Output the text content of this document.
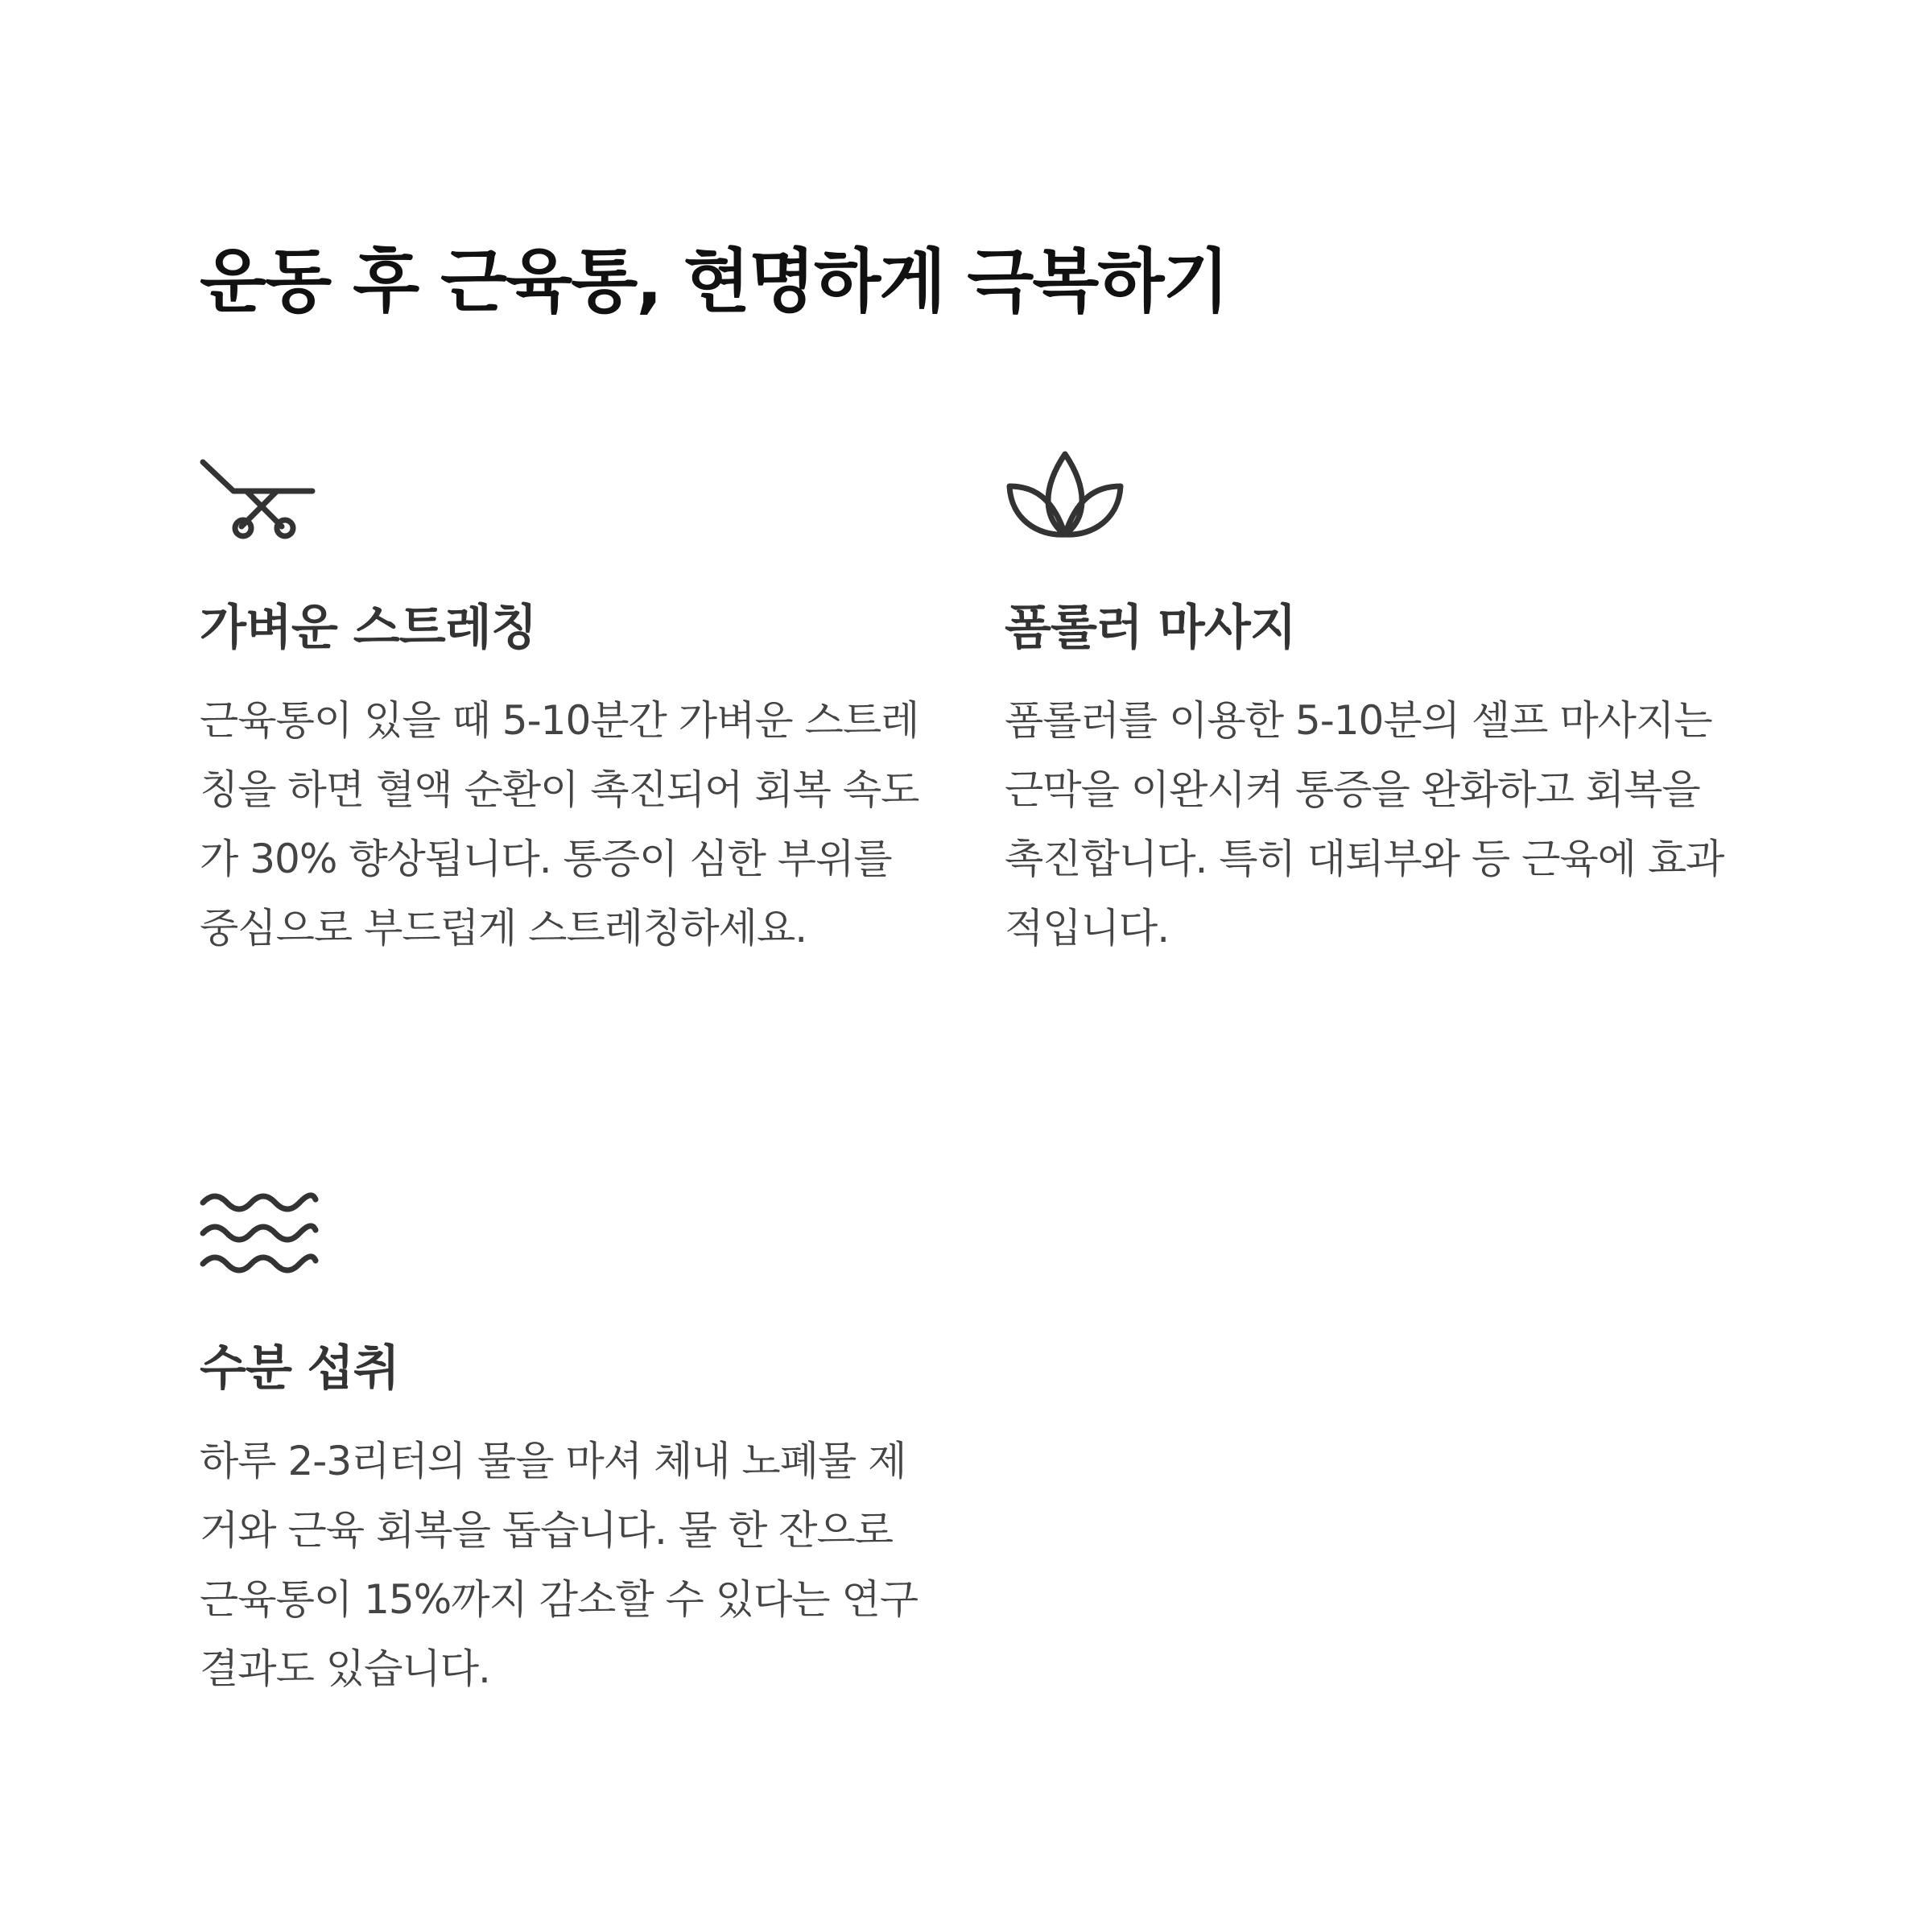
운동 후 근육통, 현명하게 극복하기
가벼운 스트레칭

근육통이 있을 때 5-10분간 가벼운 스트레칭을 하면 혈액 순환이 촉진되어 회복 속도가 30% 향상됩니다. 통증이 심한 부위를 중심으로 부드럽게 스트레칭하세요.

폼롤러 마사지

폼롤러를 이용한 5-10분의 셀프 마사지는 근막을 이완시켜 통증을 완화하고 회복을 촉진합니다. 특히 대퇴부와 등 근육에 효과적입니다.

수분 섭취

하루 2-3리터의 물을 마셔 체내 노폐물 제거와 근육 회복을 돕습니다. 물 한 잔으로 근육통이 15%까지 감소할 수 있다는 연구 결과도 있습니다.
